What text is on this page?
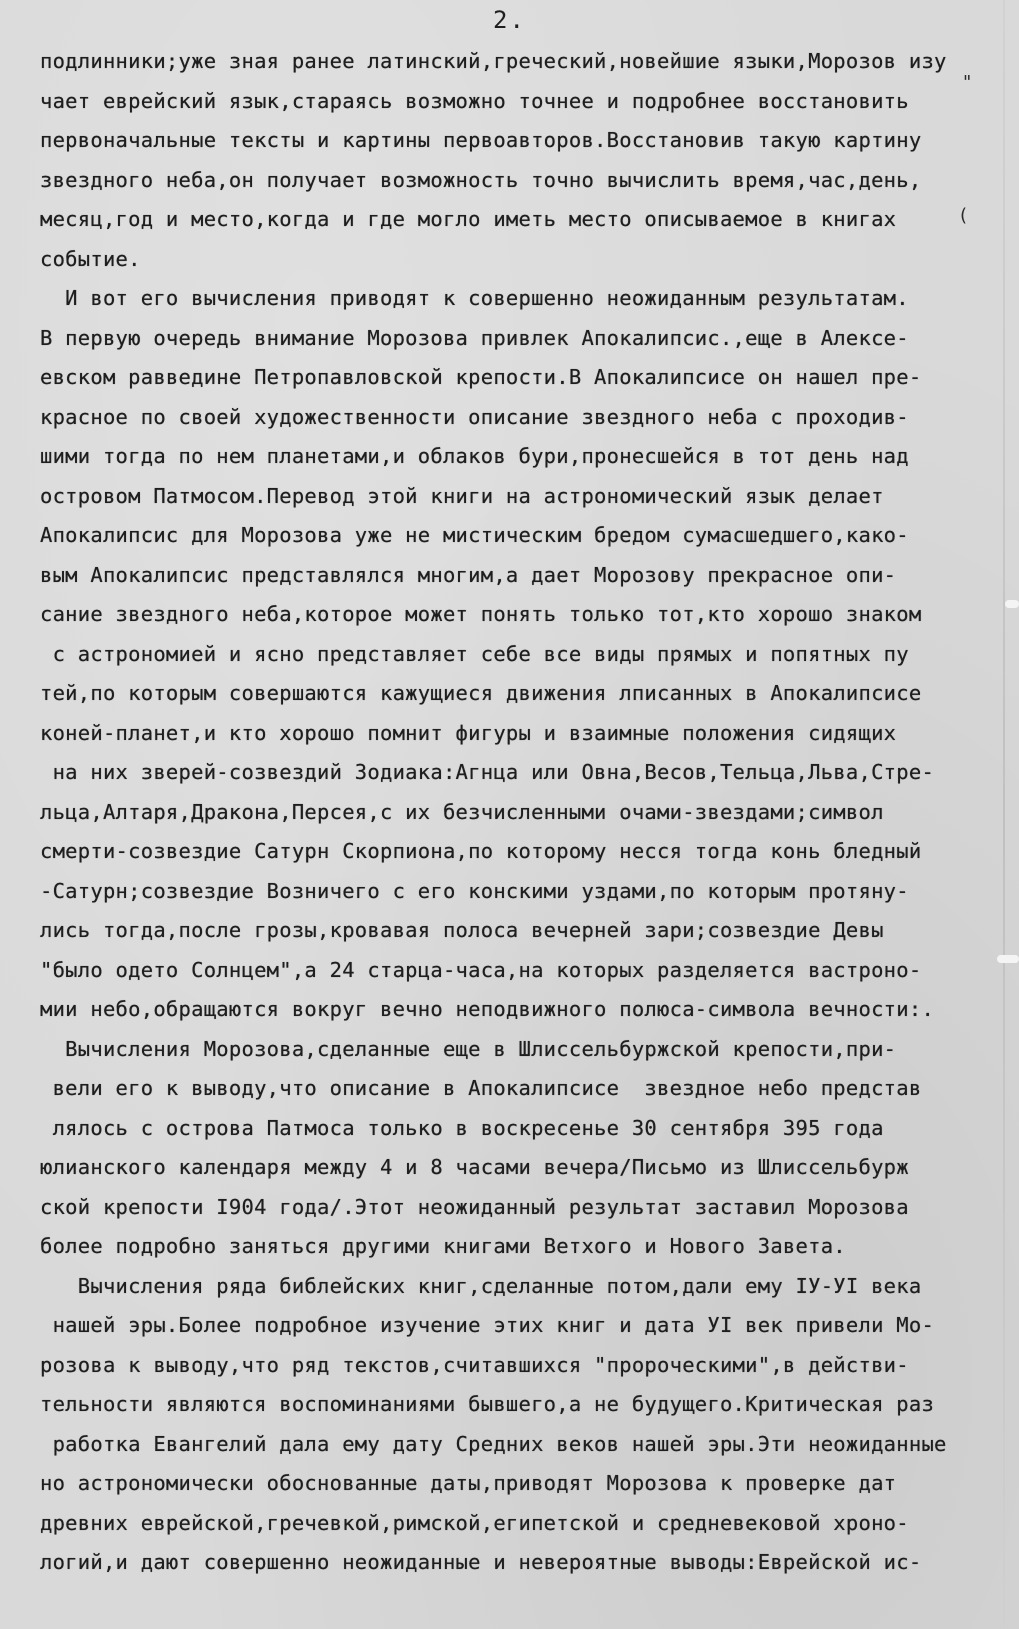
2.
"
(
подлинники;уже зная ранее латинский,греческий,новейшие языки,Морозов изу
чает еврейский язык,стараясь возможно точнее и подробнее восстановить
первоначальные тексты и картины первоавторов.Восстановив такую картину
звездного неба,он получает возможность точно вычислить время,час,день,
месяц,год и место,когда и где могло иметь место описываемое в книгах
событие.
И вот его вычисления приводят к совершенно неожиданным результатам.
В первую очередь внимание Морозова привлек Апокалипсис.,еще в Алексе-
евском равведине Петропавловской крепости.В Апокалипсисе он нашел пре-
красное по своей художественности описание звездного неба с проходив-
шими тогда по нем планетами,и облаков бури,пронесшейся в тот день над
островом Патмосом.Перевод этой книги на астрономический язык делает
Апокалипсис для Морозова уже не мистическим бредом сумасшедшего,како-
вым Апокалипсис представлялся многим,а дает Морозову прекрасное опи-
сание звездного неба,которое может понять только тот,кто хорошо знаком
с астрономией и ясно представляет себе все виды прямых и попятных пу
тей,по которым совершаются кажущиеся движения лписанных в Апокалипсисе
коней-планет,и кто хорошо помнит фигуры и взаимные положения сидящих
на них зверей-созвездий Зодиака:Агнца или Овна,Весов,Тельца,Льва,Стре-
льца,Алтаря,Дракона,Персея,с их безчисленными очами-звездами;символ
смерти-созвездие Сатурн Скорпиона,по которому несся тогда конь бледный
-Сатурн;созвездие Возничего с его конскими уздами,по которым протяну-
лись тогда,после грозы,кровавая полоса вечерней зари;созвездие Девы
"было одето Солнцем",а 24 старца-часа,на которых разделяется вастроно-
мии небо,обращаются вокруг вечно неподвижного полюса-символа вечности:.
Вычисления Морозова,сделанные еще в Шлиссельбуржской крепости,при-
вели его к выводу,что описание в Апокалипсисе  звездное небо представ
лялось с острова Патмоса только в воскресенье 30 сентября 395 года
юлианского календаря между 4 и 8 часами вечера/Письмо из Шлиссельбурж
ской крепости I904 года/.Этот неожиданный результат заставил Морозова
более подробно заняться другими книгами Ветхого и Нового Завета.
Вычисления ряда библейских книг,сделанные потом,дали ему IУ-УI века
нашей эры.Более подробное изучение этих книг и дата УI век привели Мо-
розова к выводу,что ряд текстов,считавшихся "пророческими",в действи-
тельности являются воспоминаниями бывшего,а не будущего.Критическая раз
работка Евангелий дала ему дату Средних веков нашей эры.Эти неожиданные
но астрономически обоснованные даты,приводят Морозова к проверке дат
древних еврейской,гречевкой,римской,египетской и средневековой хроно-
логий,и дают совершенно неожиданные и невероятные выводы:Еврейской ис-
